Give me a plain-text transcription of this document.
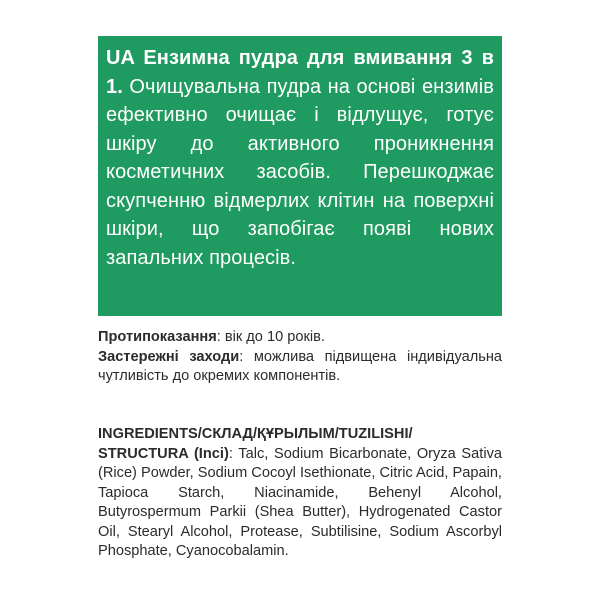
UA Ензимна пудра для вмивання 3 в 1. Очищувальна пудра на основі ензимів ефективно очищає і відлущує, готує шкіру до активного проникнення косметичних засобів. Перешкоджає скупченню відмерлих клітин на поверхні шкіри, що запобігає появі нових запальних процесів.

Протипоказання: вік до 10 років.

Застережні заходи: можлива підвищена індивідуальна чутливість до окремих компонентів.

INGREDIENTS/СКЛАД/ҚҰРЫЛЫМ/TUZILISHI/ STRUCTURA (Inci): Talc, Sodium Bicarbonate, Oryza Sativa (Rice) Powder, Sodium Cocoyl Isethionate, Citric Acid, Papain, Tapioca Starch, Niacinamide, Behenyl Alcohol, Butyrospermum Parkii (Shea Butter), Hydrogenated Castor Oil, Stearyl Alcohol, Protease, Subtilisine, Sodium Ascorbyl Phosphate, Cyanocobalamin.
